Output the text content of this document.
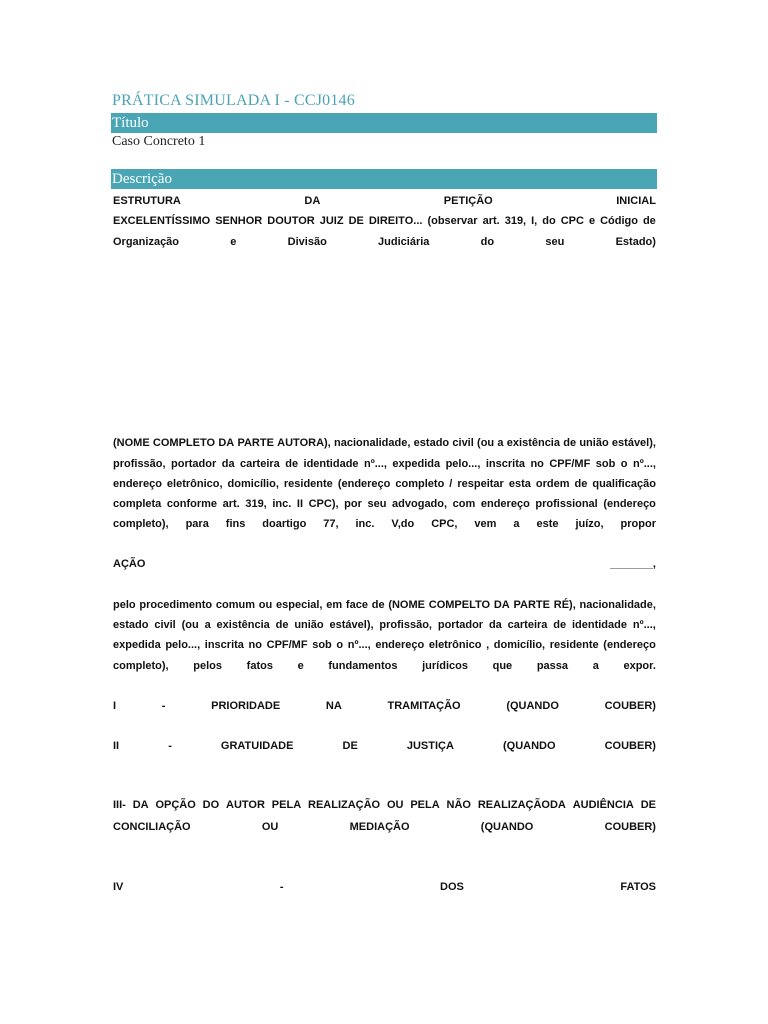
PRÁTICA SIMULADA I - CCJ0146
Título
Caso Concreto 1
Descrição
ESTRUTURA	DA	PETIÇÃO	INICIAL
EXCELENTÍSSIMO SENHOR DOUTOR JUIZ DE DIREITO... (observar art. 319, I, do CPC e Código de
Organização	e	Divisão	Judiciária	do	seu	Estado)
(NOME COMPLETO DA PARTE AUTORA), nacionalidade, estado civil (ou a existência de união estável),
profissão, portador da carteira de identidade nº..., expedida pelo..., inscrita no CPF/MF sob o nº...,
endereço eletrônico, domicílio, residente (endereço completo / respeitar esta ordem de qualificação
completa conforme art. 319, inc. II CPC), por seu advogado, com endereço profissional (endereço
completo), para fins doartigo 77, inc. V,do CPC, vem a este juízo, propor
AÇÃO	_______,
pelo procedimento comum ou especial, em face de (NOME COMPELTO DA PARTE RÉ), nacionalidade,
estado civil (ou a existência de união estável), profissão, portador da carteira de identidade nº...,
expedida pelo..., inscrita no CPF/MF sob o nº..., endereço eletrônico , domicílio, residente (endereço
completo), pelos fatos e fundamentos jurídicos que passa a expor.
I	-	PRIORIDADE	NA	TRAMITAÇÃO	(QUANDO	COUBER)
II	-	GRATUIDADE	DE	JUSTIÇA	(QUANDO	COUBER)
III- DA OPÇÃO DO AUTOR PELA REALIZAÇÃO OU PELA NÃO REALIZAÇÃODA AUDIÊNCIA DE
CONCILIAÇÃO	OU	MEDIAÇÃO	(QUANDO	COUBER)
IV	-	DOS	FATOS
